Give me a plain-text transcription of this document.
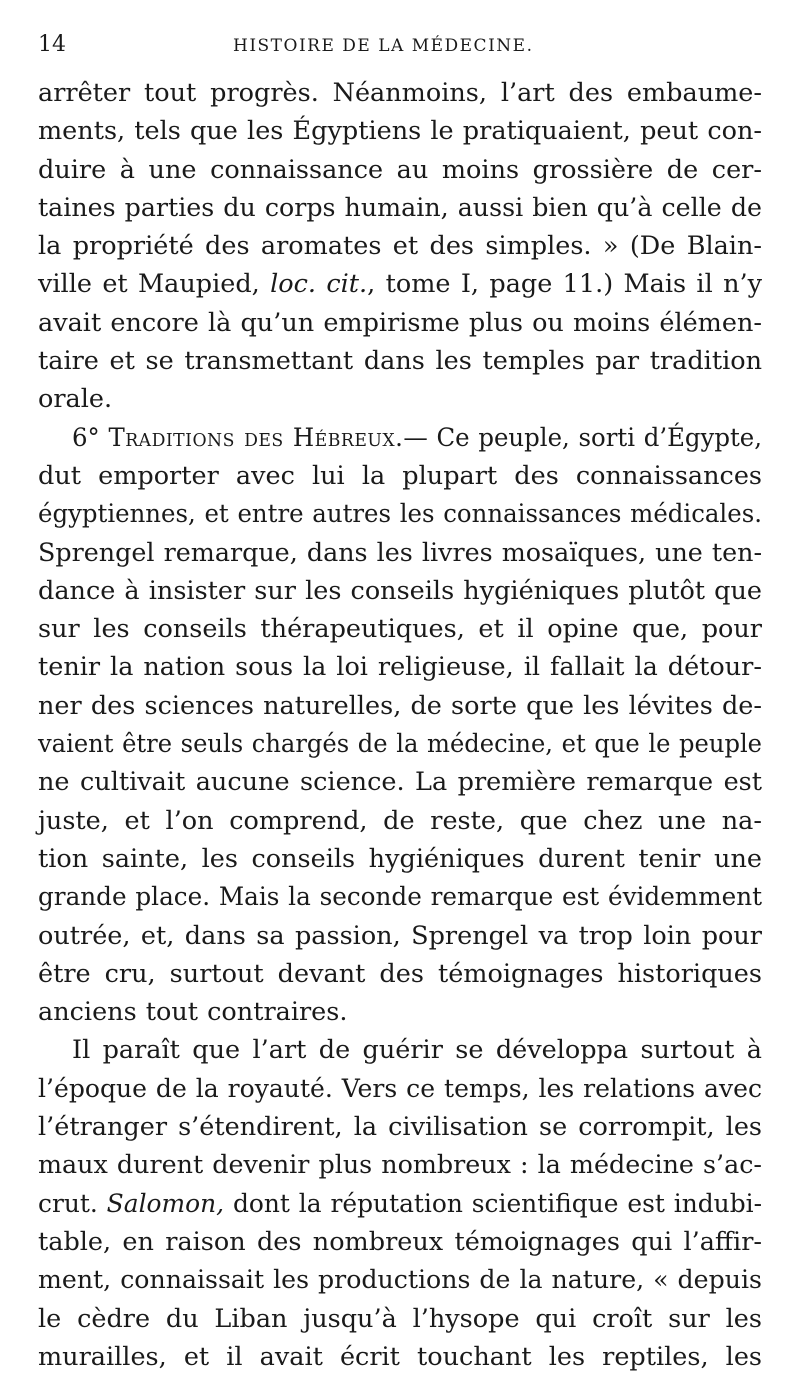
14	HISTOIRE DE LA MÉDECINE.
arrêter tout progrès. Néanmoins, l’art des embaume-
ments, tels que les Égyptiens le pratiquaient, peut con-
duire à une connaissance au moins grossière de cer-
taines parties du corps humain, aussi bien qu’à celle de
la propriété des aromates et des simples. » (De Blain-
ville et Maupied, loc. cit., tome I, page 11.) Mais il n’y
avait encore là qu’un empirisme plus ou moins élémen-
taire et se transmettant dans les temples par tradition
orale.
6° Traditions des Hébreux.— Ce peuple, sorti d’Égypte,
dut emporter avec lui la plupart des connaissances
égyptiennes, et entre autres les connaissances médicales.
Sprengel remarque, dans les livres mosaïques, une ten-
dance à insister sur les conseils hygiéniques plutôt que
sur les conseils thérapeutiques, et il opine que, pour
tenir la nation sous la loi religieuse, il fallait la détour-
ner des sciences naturelles, de sorte que les lévites de-
vaient être seuls chargés de la médecine, et que le peuple
ne cultivait aucune science. La première remarque est
juste, et l’on comprend, de reste, que chez une na-
tion sainte, les conseils hygiéniques durent tenir une
grande place. Mais la seconde remarque est évidemment
outrée, et, dans sa passion, Sprengel va trop loin pour
être cru, surtout devant des témoignages historiques
anciens tout contraires.
Il paraît que l’art de guérir se développa surtout à
l’époque de la royauté. Vers ce temps, les relations avec
l’étranger s’étendirent, la civilisation se corrompit, les
maux durent devenir plus nombreux : la médecine s’ac-
crut. Salomon, dont la réputation scientifique est indubi-
table, en raison des nombreux témoignages qui l’affir-
ment, connaissait les productions de la nature, « depuis
le cèdre du Liban jusqu’à l’hysope qui croît sur les
murailles, et il avait écrit touchant les reptiles, les
